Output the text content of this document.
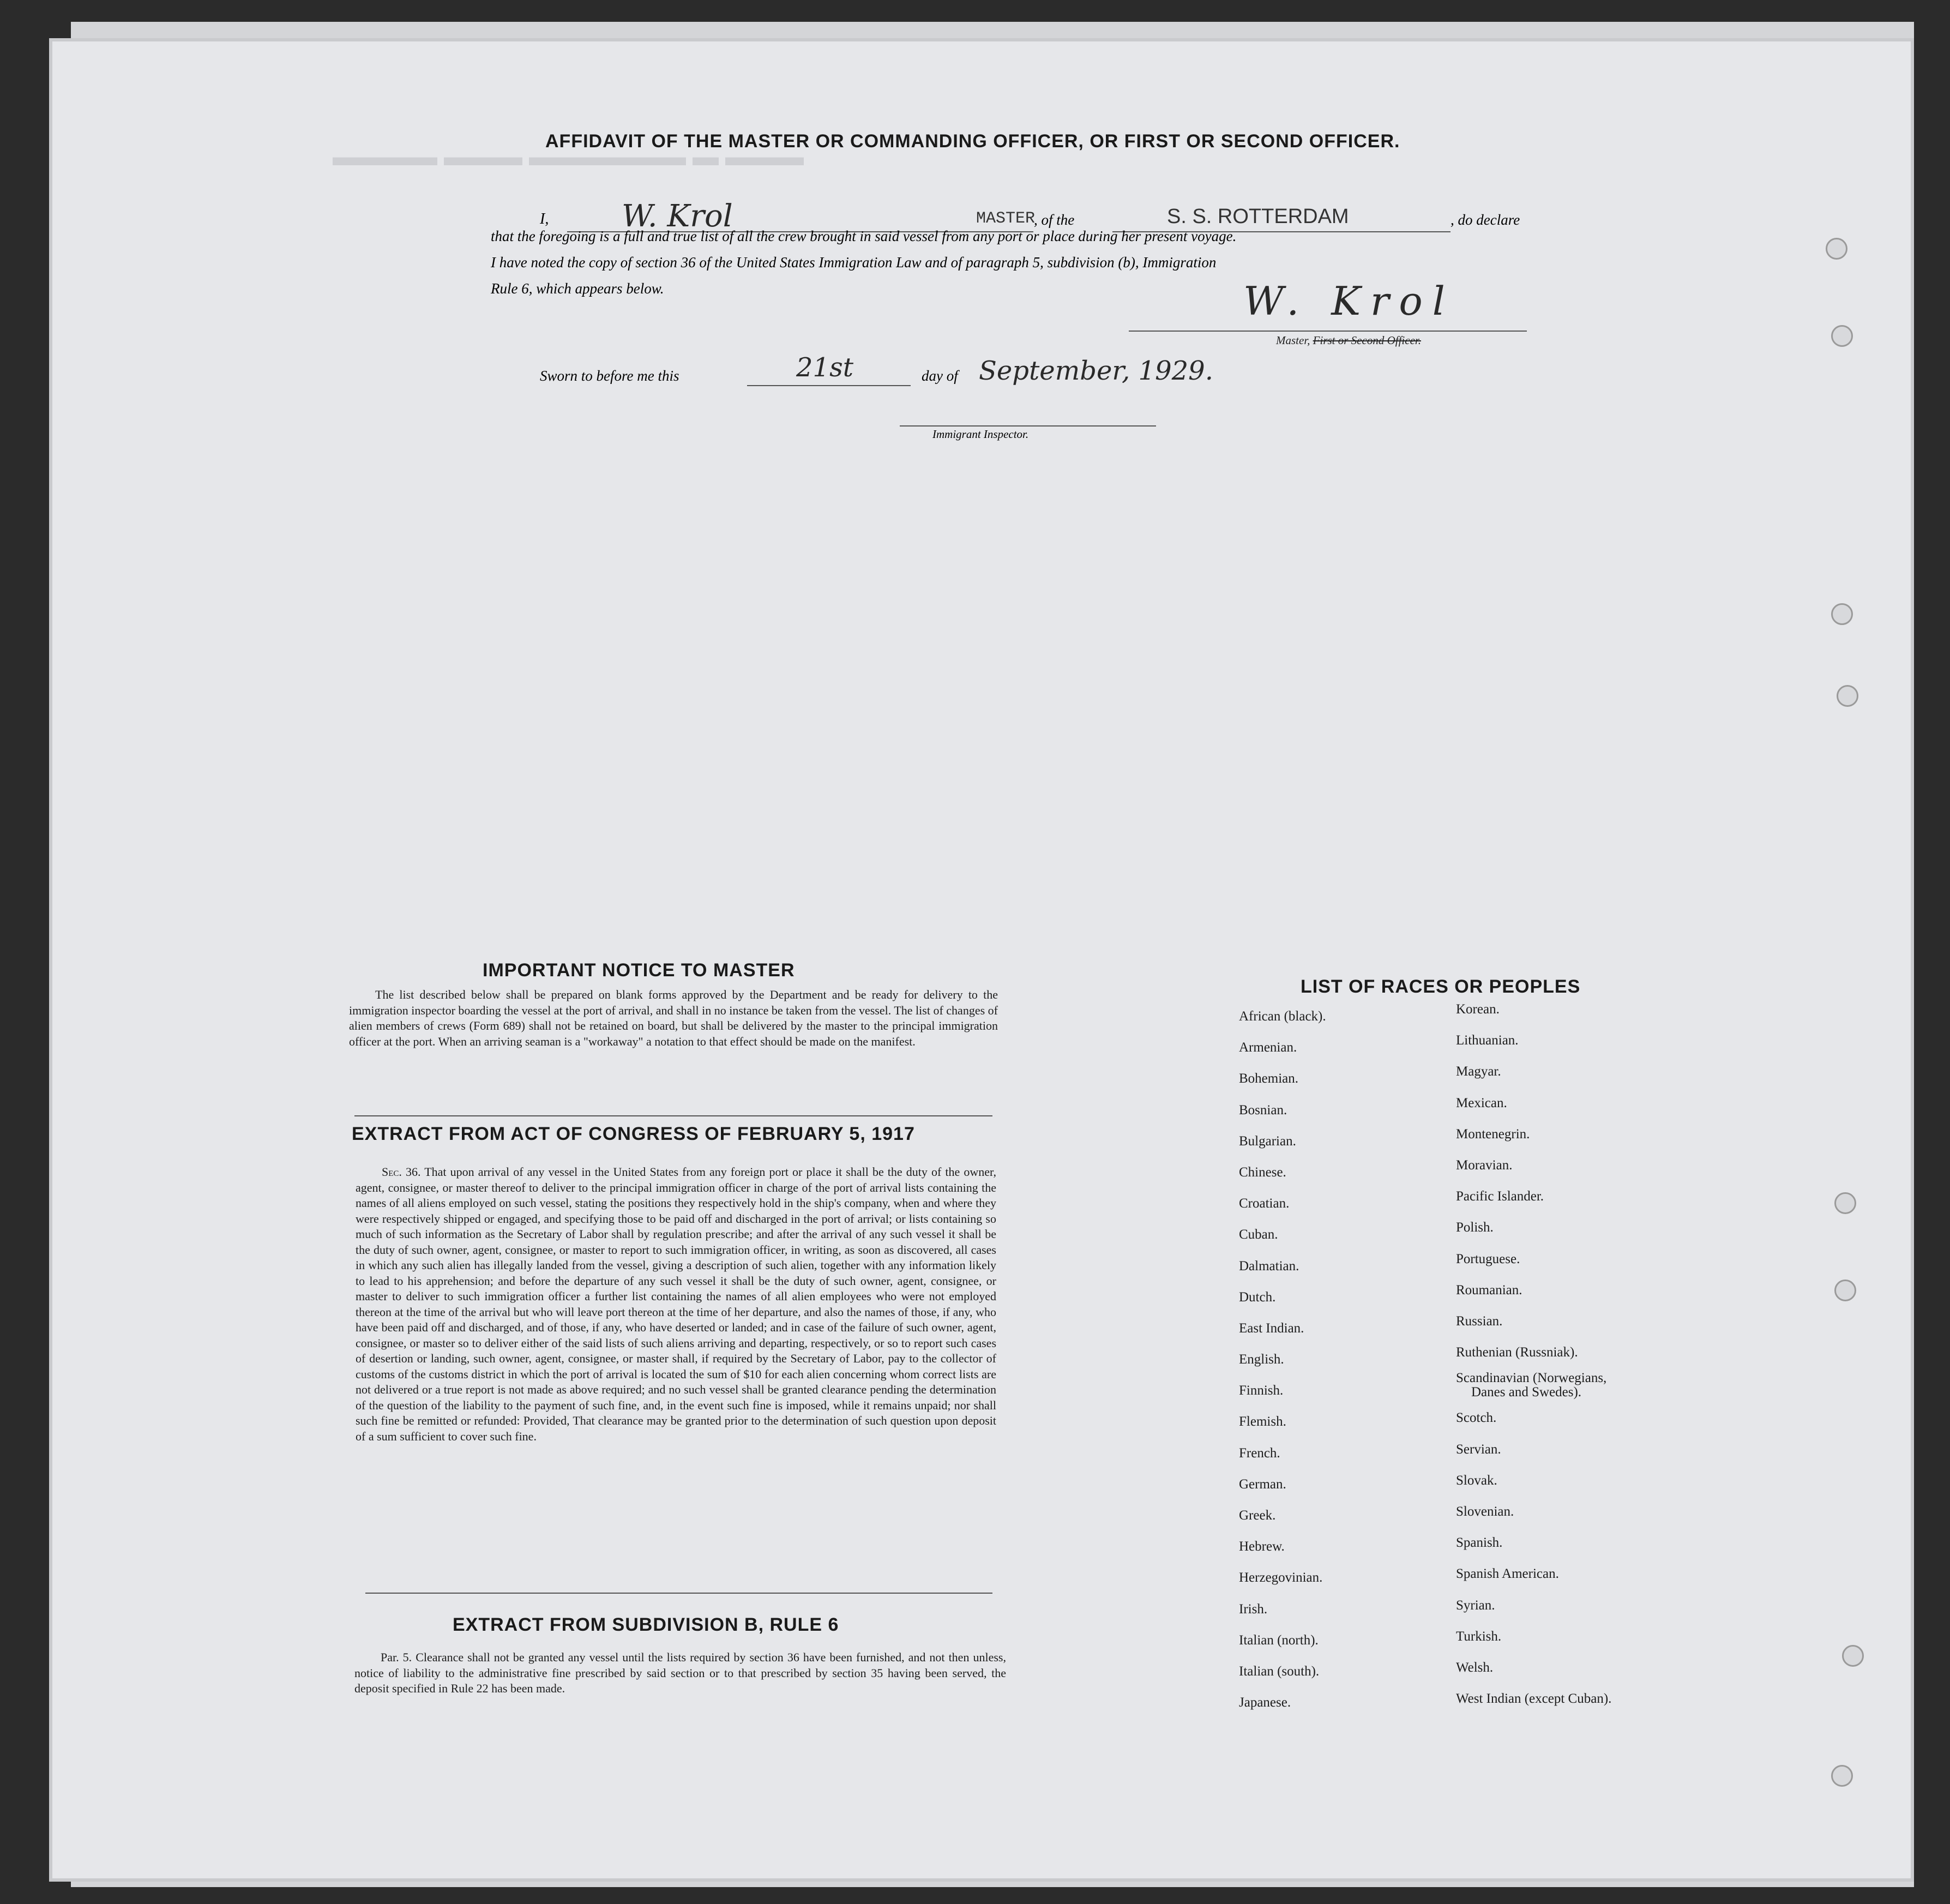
▬▬▬ ▬ ▬▬▬▬▬▬ ▬▬▬ ▬▬▬▬
AFFIDAVIT OF THE MASTER OR COMMANDING OFFICER, OR FIRST OR SECOND OFFICER.
I, W. Krol	MASTER
, of the	S. S. ROTTERDAM	, do declare
that the foregoing is a full and true list of all the crew brought in said vessel from any port or place during her present voyage.
I have noted the copy of section 36 of the United States Immigration Law and of paragraph 5, subdivision (b), Immigration
Rule 6, which appears below.	W. Krol
Master, First or Second Officer.
Sworn to before me this	21st	day of September, 1929.
Immigrant Inspector.
IMPORTANT NOTICE TO MASTER
The list described below shall be prepared on blank forms approved by the Department and be ready for delivery to the immigration inspector boarding the vessel at the port of arrival, and shall in no instance be taken from the vessel. The list of changes of alien members of crews (Form 689) shall not be retained on board, but shall be delivered by the master to the principal immigration officer at the port. When an arriving seaman is a "workaway" a notation to that effect should be made on the manifest.
EXTRACT FROM ACT OF CONGRESS OF FEBRUARY 5, 1917
Sec. 36. That upon arrival of any vessel in the United States from any foreign port or place it shall be the duty of the owner, agent, consignee, or master thereof to deliver to the principal immigration officer in charge of the port of arrival lists containing the names of all aliens employed on such vessel, stating the positions they respectively hold in the ship's company, when and where they were respectively shipped or engaged, and specifying those to be paid off and discharged in the port of arrival; or lists containing so much of such information as the Secretary of Labor shall by regulation prescribe; and after the arrival of any such vessel it shall be the duty of such owner, agent, consignee, or master to report to such immigration officer, in writing, as soon as discovered, all cases in which any such alien has illegally landed from the vessel, giving a description of such alien, together with any information likely to lead to his apprehension; and before the departure of any such vessel it shall be the duty of such owner, agent, consignee, or master to deliver to such immigration officer a further list containing the names of all alien employees who were not employed thereon at the time of the arrival but who will leave port thereon at the time of her departure, and also the names of those, if any, who have been paid off and discharged, and of those, if any, who have deserted or landed; and in case of the failure of such owner, agent, consignee, or master so to deliver either of the said lists of such aliens arriving and departing, respectively, or so to report such cases of desertion or landing, such owner, agent, consignee, or master shall, if required by the Secretary of Labor, pay to the collector of customs of the customs district in which the port of arrival is located the sum of $10 for each alien concerning whom correct lists are not delivered or a true report is not made as above required; and no such vessel shall be granted clearance pending the determination of the question of the liability to the payment of such fine, and, in the event such fine is imposed, while it remains unpaid; nor shall such fine be remitted or refunded: Provided, That clearance may be granted prior to the determination of such question upon deposit of a sum sufficient to cover such fine.
EXTRACT FROM SUBDIVISION B, RULE 6
Par. 5. Clearance shall not be granted any vessel until the lists required by section 36 have been furnished, and not then unless, notice of liability to the administrative fine prescribed by said section or to that prescribed by section 35 having been served, the deposit specified in Rule 22 has been made.
LIST OF RACES OR PEOPLES
African (black).
Armenian.
Bohemian.
Bosnian.
Bulgarian.
Chinese.
Croatian.
Cuban.
Dalmatian.
Dutch.
East Indian.
English.
Finnish.
Flemish.
French.
German.
Greek.
Hebrew.
Herzegovinian.
Irish.
Italian (north).
Italian (south).
Japanese.
Korean.
Lithuanian.
Magyar.
Mexican.
Montenegrin.
Moravian.
Pacific Islander.
Polish.
Portuguese.
Roumanian.
Russian.
Ruthenian (Russniak).
Scandinavian (Norwegians,
Danes and Swedes).
Scotch.
Servian.
Slovak.
Slovenian.
Spanish.
Spanish American.
Syrian.
Turkish.
Welsh.
West Indian (except Cuban).
